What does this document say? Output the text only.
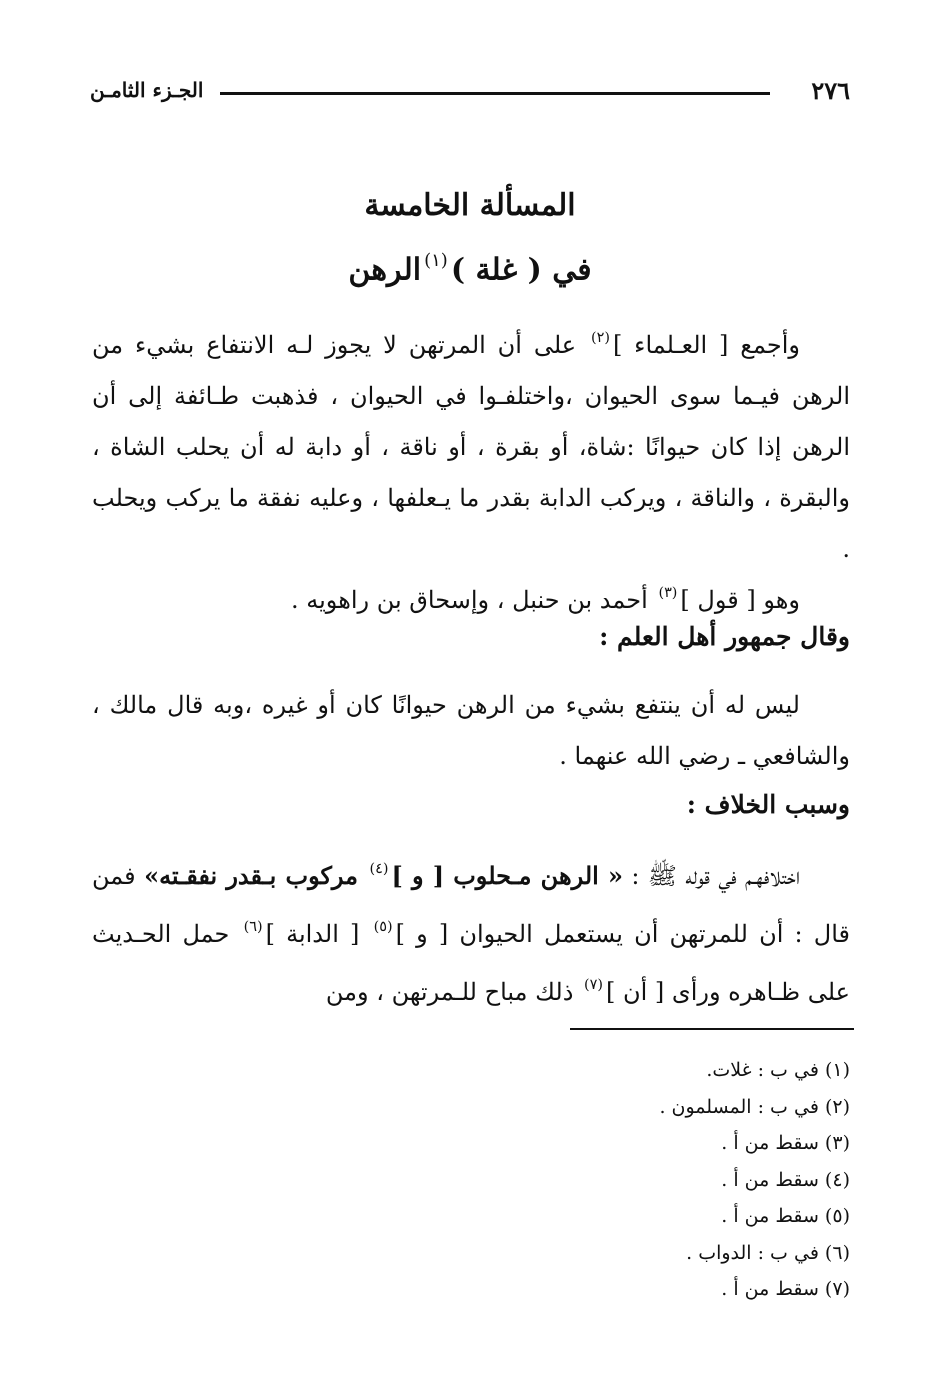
٢٧٦
الجـزء الثامـن
المسألة الخامسة
في ( غلة )$^{(١)}$الرهن

وأجمع [ العـلماء ]$^{(٢)}$ على أن المرتهن لا يجوز لـه الانتفاع بشيء من الرهن فيـما سوى الحيوان ،واختلفـوا في الحيوان ، فذهبت طـائفة إلى أن الرهن إذا كان حيوانًا :شاة، أو بقرة ، أو ناقة ، أو دابة له أن يحلب الشاة ، والبقرة ، والناقة ، ويركب الدابة بقدر ما يـعلفها ، وعليه نفقة ما يركب ويحلب .

وهو [ قول ]$^{(٣)}$ أحمد بن حنبل ، وإسحاق بن راهويه .

وقال جمهور أهل العلم :

ليس له أن ينتفع بشيء من الرهن حيوانًا كان أو غيره ،وبه قال مالك ، والشافعي ـ رضي الله عنهما .

وسبب الخلاف :

اختلافهـم في قوله ﷺ : « الرهن مـحلوب [ و ]$^{(٤)}$ مركوب بـقدر نفقـته» فمن قال : أن للمرتهن أن يستعمل الحيوان [ و ]$^{(٥)}$ [ الدابة ]$^{(٦)}$ حمل الحـديث على ظـاهره ورأى [ أن ]$^{(٧)}$ ذلك مباح للـمرتهن ، ومن

(١) في ب : غلات.
(٢) في ب : المسلمون .
(٣) سقط من أ .
(٤) سقط من أ .
(٥) سقط من أ .
(٦) في ب : الدواب .
(٧) سقط من أ .
